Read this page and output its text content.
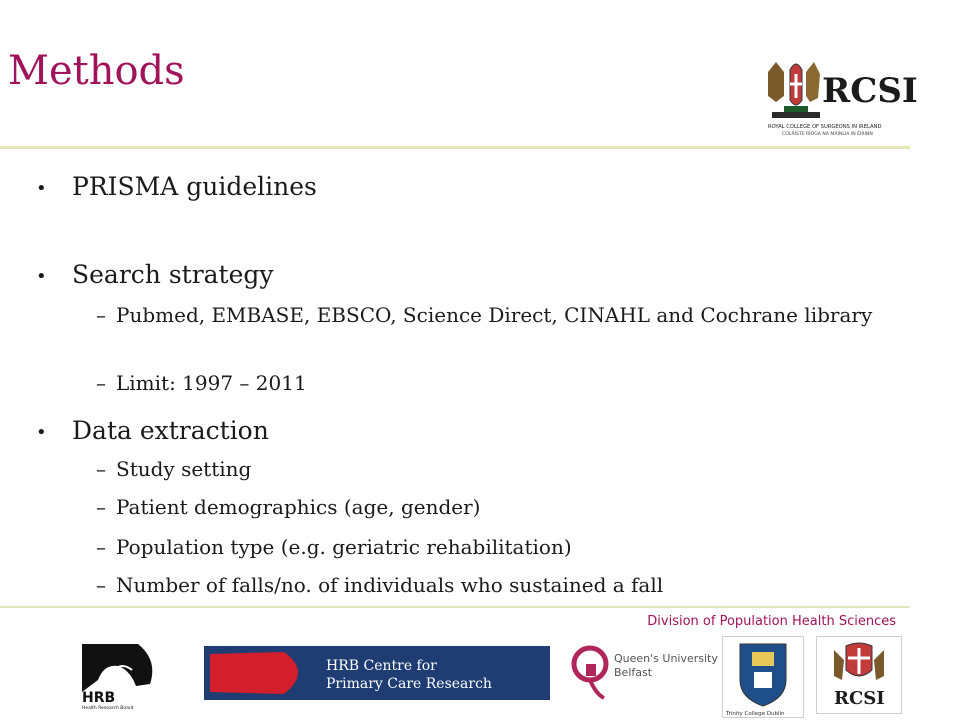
Methods	RCSI
ROYAL COLLEGE OF SURGEONS IN IRELAND
COLÁISTE RÍOGA NA MÁINLIA IN ÉIRINN
• PRISMA guidelines
• Search strategy
– Pubmed, EMBASE, EBSCO, Science Direct, CINAHL and Cochrane library
– Limit: 1997 – 2011
• Data extraction
– Study setting
– Patient demographics (age, gender)
– Population type (e.g. geriatric rehabilitation)
– Number of falls/no. of individuals who sustained a fall
Division of Population Health Sciences
HRB
Health Research Board
HRB Centre for
Primary Care Research
Queen's University
Belfast
Trinity College Dublin
RCSI
